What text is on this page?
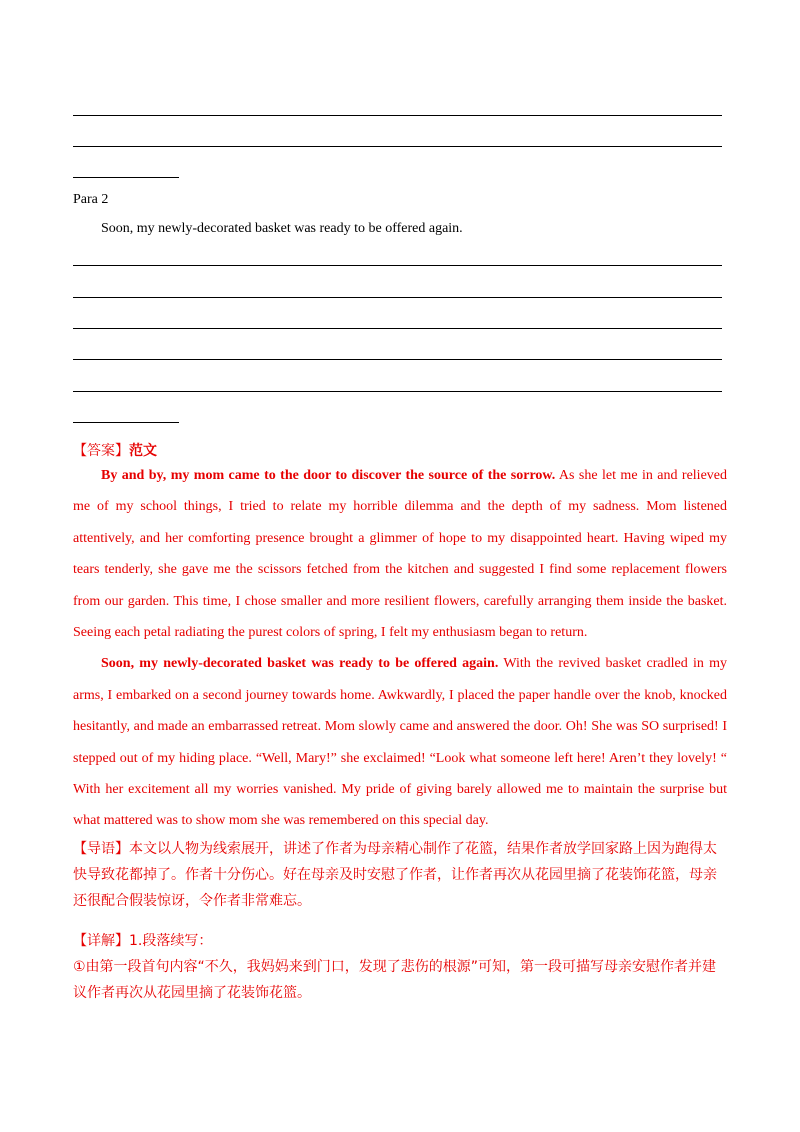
Para 2
Soon, my newly-decorated basket was ready to be offered again.
【答案】范文

By and by, my mom came to the door to discover the source of the sorrow. As she let me in and relieved me of my school things, I tried to relate my horrible dilemma and the depth of my sadness. Mom listened attentively, and her comforting presence brought a glimmer of hope to my disappointed heart. Having wiped my tears tenderly, she gave me the scissors fetched from the kitchen and suggested I find some replacement flowers from our garden. This time, I chose smaller and more resilient flowers, carefully arranging them inside the basket. Seeing each petal radiating the purest colors of spring, I felt my enthusiasm began to return.

Soon, my newly-decorated basket was ready to be offered again. With the revived basket cradled in my arms, I embarked on a second journey towards home. Awkwardly, I placed the paper handle over the knob, knocked hesitantly, and made an embarrassed retreat. Mom slowly came and answered the door. Oh! She was SO surprised! I stepped out of my hiding place. “Well, Mary!” she exclaimed! “Look what someone left here! Aren’t they lovely! “ With her excitement all my worries vanished. My pride of giving barely allowed me to maintain the surprise but what mattered was to show mom she was remembered on this special day.

【导语】本文以人物为线索展开，讲述了作者为母亲精心制作了花篮，结果作者放学回家路上因为跑得太快导致花都掉了。作者十分伤心。好在母亲及时安慰了作者，让作者再次从花园里摘了花装饰花篮，母亲还很配合假装惊讶，令作者非常难忘。

【详解】1.段落续写：

①由第一段首句内容“不久，我妈妈来到门口，发现了悲伤的根源”可知，第一段可描写母亲安慰作者并建议作者再次从花园里摘了花装饰花篮。
